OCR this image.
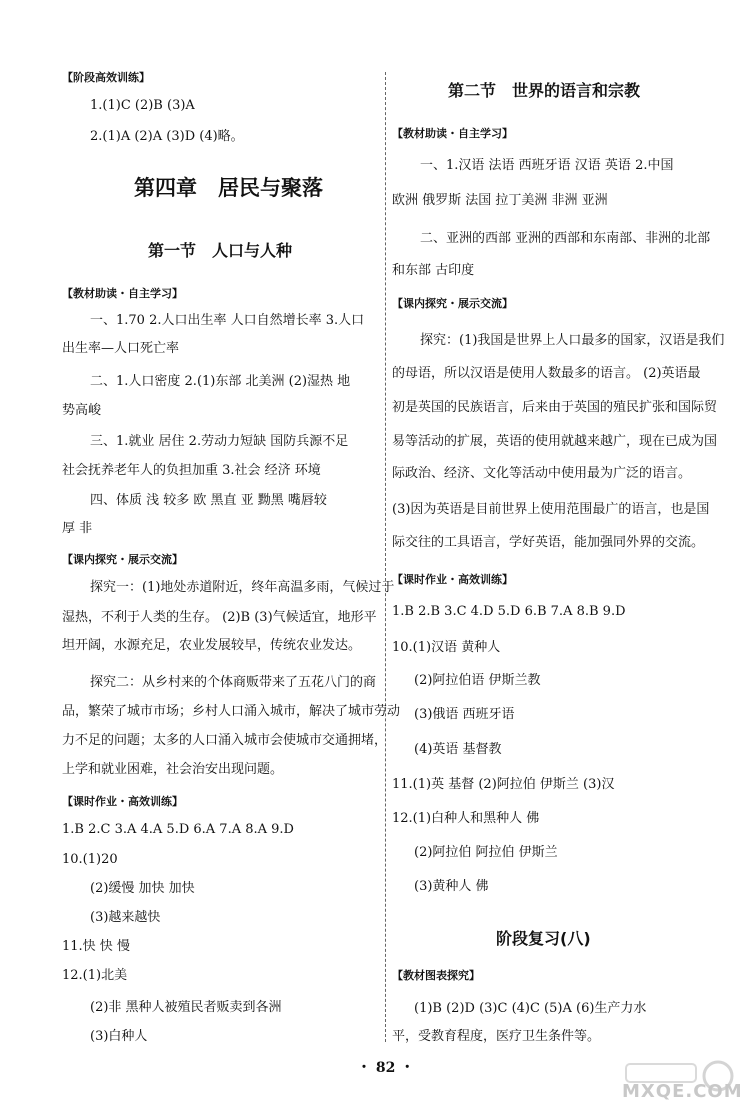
【阶段高效训练】
1.(1)C (2)B (3)A
2.(1)A (2)A (3)D (4)略。
第四章　居民与聚落
第一节　人口与人种
【教材助读・自主学习】
一、1.70 2.人口出生率 人口自然增长率 3.人口
出生率—人口死亡率
二、1.人口密度 2.(1)东部 北美洲 (2)湿热 地
势高峻
三、1.就业 居住 2.劳动力短缺 国防兵源不足
社会抚养老年人的负担加重 3.社会 经济 环境
四、体质 浅 较多 欧 黑直 亚 黝黑 嘴唇较
厚 非
【课内探究・展示交流】
探究一：(1)地处赤道附近，终年高温多雨，气候过于
湿热，不利于人类的生存。 (2)B (3)气候适宜，地形平
坦开阔，水源充足，农业发展较早，传统农业发达。
探究二：从乡村来的个体商贩带来了五花八门的商
品，繁荣了城市市场；乡村人口涌入城市，解决了城市劳动
力不足的问题；太多的人口涌入城市会使城市交通拥堵，
上学和就业困难，社会治安出现问题。
【课时作业・高效训练】
1.B 2.C 3.A 4.A 5.D 6.A 7.A 8.A 9.D
10.(1)20
(2)缓慢 加快 加快
(3)越来越快
11.快 快 慢
12.(1)北美
(2)非 黑种人被殖民者贩卖到各洲
(3)白种人
第二节　世界的语言和宗教
【教材助读・自主学习】
一、1.汉语 法语 西班牙语 汉语 英语 2.中国
欧洲 俄罗斯 法国 拉丁美洲 非洲 亚洲
二、亚洲的西部 亚洲的西部和东南部、非洲的北部
和东部 古印度
【课内探究・展示交流】
探究：(1)我国是世界上人口最多的国家，汉语是我们
的母语，所以汉语是使用人数最多的语言。 (2)英语最
初是英国的民族语言，后来由于英国的殖民扩张和国际贸
易等活动的扩展，英语的使用就越来越广，现在已成为国
际政治、经济、文化等活动中使用最为广泛的语言。
(3)因为英语是目前世界上使用范围最广的语言，也是国
际交往的工具语言，学好英语，能加强同外界的交流。
【课时作业・高效训练】
1.B 2.B 3.C 4.D 5.D 6.B 7.A 8.B 9.D
10.(1)汉语 黄种人
(2)阿拉伯语 伊斯兰教
(3)俄语 西班牙语
(4)英语 基督教
11.(1)英 基督 (2)阿拉伯 伊斯兰 (3)汉
12.(1)白种人和黑种人 佛
(2)阿拉伯 阿拉伯 伊斯兰
(3)黄种人 佛
阶段复习(八)
【教材图表探究】
(1)B (2)D (3)C (4)C (5)A (6)生产力水
平，受教育程度，医疗卫生条件等。
・ 82 ・
MXQE.COM
